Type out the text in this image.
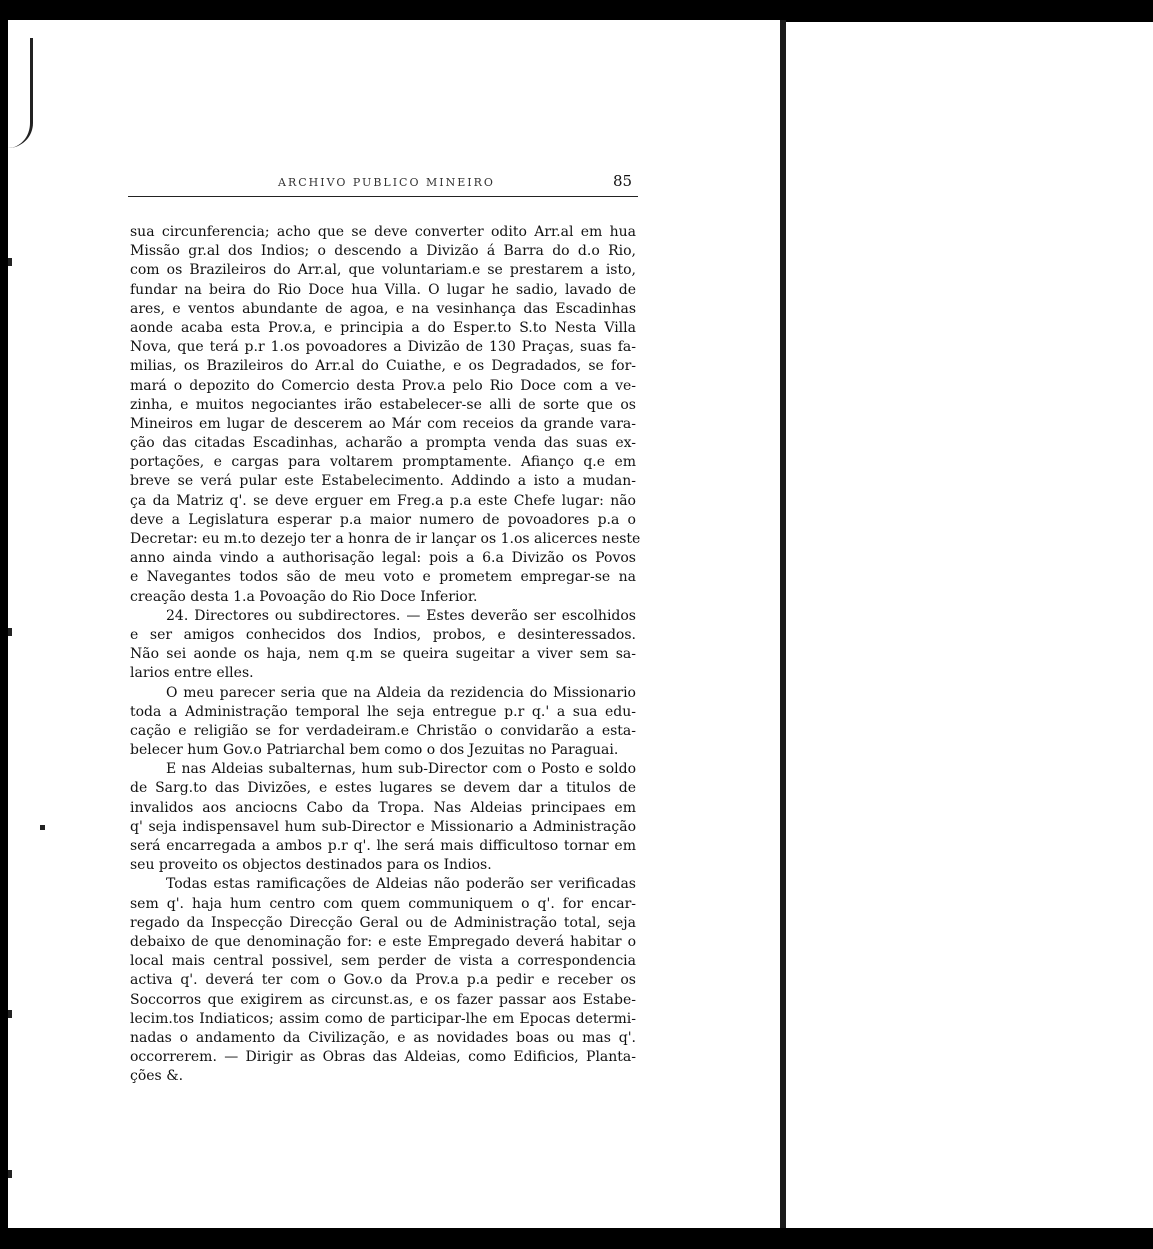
ARCHIVO PUBLICO MINEIRO	85
sua circunferencia; acho que se deve converter odito Arr.al em hua
Missão gr.al dos Indios; o descendo a Divizão á Barra do d.o Rio,
com os Brazileiros do Arr.al, que voluntariam.e se prestarem a isto,
fundar na beira do Rio Doce hua Villa. O lugar he sadio, lavado de
ares, e ventos abundante de agoa, e na vesinhança das Escadinhas
aonde acaba esta Prov.a, e principia a do Esper.to S.to Nesta Villa
Nova, que terá p.r 1.os povoadores a Divizão de 130 Praças, suas fa-
milias, os Brazileiros do Arr.al do Cuiathe, e os Degradados, se for-
mará o depozito do Comercio desta Prov.a pelo Rio Doce com a ve-
zinha, e muitos negociantes irão estabelecer-se alli de sorte que os
Mineiros em lugar de descerem ao Már com receios da grande vara-
ção das citadas Escadinhas, acharão a prompta venda das suas ex-
portações, e cargas para voltarem promptamente. Afianço q.e em
breve se verá pular este Estabelecimento. Addindo a isto a mudan-
ça da Matriz q'. se deve erguer em Freg.a p.a este Chefe lugar: não
deve a Legislatura esperar p.a maior numero de povoadores p.a o
Decretar: eu m.to dezejo ter a honra de ir lançar os 1.os alicerces neste
anno ainda vindo a authorisação legal: pois a 6.a Divizão os Povos
e Navegantes todos são de meu voto e prometem empregar-se na
creação desta 1.a Povoação do Rio Doce Inferior.
24. Directores ou subdirectores. — Estes deverão ser escolhidos
e ser amigos conhecidos dos Indios, probos, e desinteressados.
Não sei aonde os haja, nem q.m se queira sugeitar a viver sem sa-
larios entre elles.
O meu parecer seria que na Aldeia da rezidencia do Missionario
toda a Administração temporal lhe seja entregue p.r q.' a sua edu-
cação e religião se for verdadeiram.e Christão o convidarão a esta-
belecer hum Gov.o Patriarchal bem como o dos Jezuitas no Paraguai.
E nas Aldeias subalternas, hum sub-Director com o Posto e soldo
de Sarg.to das Divizões, e estes lugares se devem dar a titulos de
invalidos aos anciocns Cabo da Tropa. Nas Aldeias principaes em
q' seja indispensavel hum sub-Director e Missionario a Administração
será encarregada a ambos p.r q'. lhe será mais difficultoso tornar em
seu proveito os objectos destinados para os Indios.
Todas estas ramificações de Aldeias não poderão ser verificadas
sem q'. haja hum centro com quem communiquem o q'. for encar-
regado da Inspecção Direcção Geral ou de Administração total, seja
debaixo de que denominação for: e este Empregado deverá habitar o
local mais central possivel, sem perder de vista a correspondencia
activa q'. deverá ter com o Gov.o da Prov.a p.a pedir e receber os
Soccorros que exigirem as circunst.as, e os fazer passar aos Estabe-
lecim.tos Indiaticos; assim como de participar-lhe em Epocas determi-
nadas o andamento da Civilização, e as novidades boas ou mas q'.
occorrerem. — Dirigir as Obras das Aldeias, como Edificios, Planta-
ções &.
